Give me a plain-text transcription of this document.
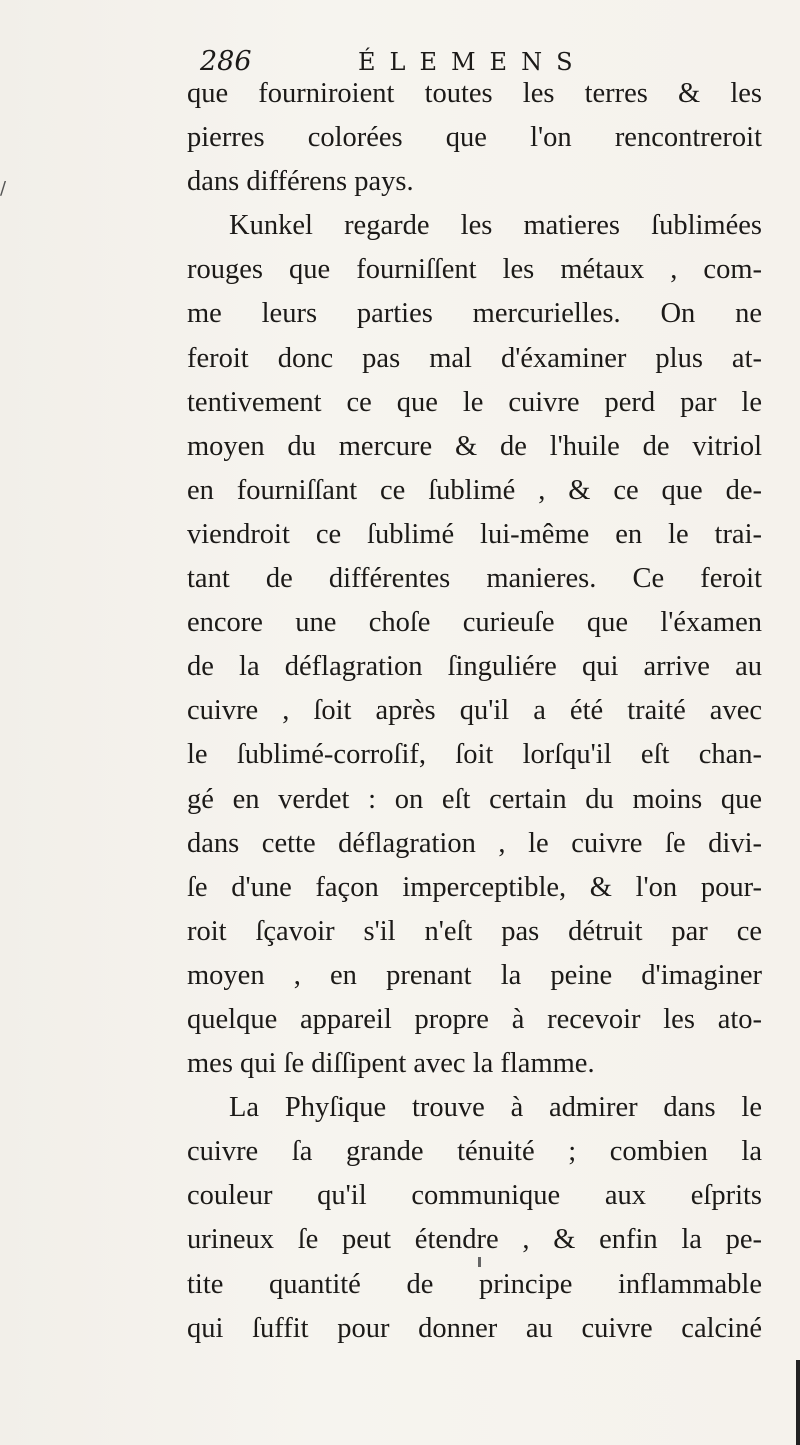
286	ÉLEMENS
/
que fourniroient toutes les terres & les
pierres colorées que l'on rencontreroit
dans différens pays.
Kunkel regarde les matieres ſublimées
rouges que fourniſſent les métaux , com-
me leurs parties mercurielles. On ne
feroit donc pas mal d'éxaminer plus at-
tentivement ce que le cuivre perd par le
moyen du mercure & de l'huile de vitriol
en fourniſſant ce ſublimé , & ce que de-
viendroit ce ſublimé lui-même en le trai-
tant de différentes manieres. Ce feroit
encore une choſe curieuſe que l'éxamen
de la déflagration ſinguliére qui arrive au
cuivre , ſoit après qu'il a été traité avec
le ſublimé-corroſif, ſoit lorſqu'il eſt chan-
gé en verdet : on eſt certain du moins que
dans cette déflagration , le cuivre ſe divi-
ſe d'une façon imperceptible, & l'on pour-
roit ſçavoir s'il n'eſt pas détruit par ce
moyen , en prenant la peine d'imaginer
quelque appareil propre à recevoir les ato-
mes qui ſe diſſipent avec la flamme.
La Phyſique trouve à admirer dans le
cuivre ſa grande ténuité ; combien la
couleur qu'il communique aux eſprits
urineux ſe peut étendre , & enfin la pe-
tite quantité de principe inflammable
qui ſuffit pour donner au cuivre calciné
